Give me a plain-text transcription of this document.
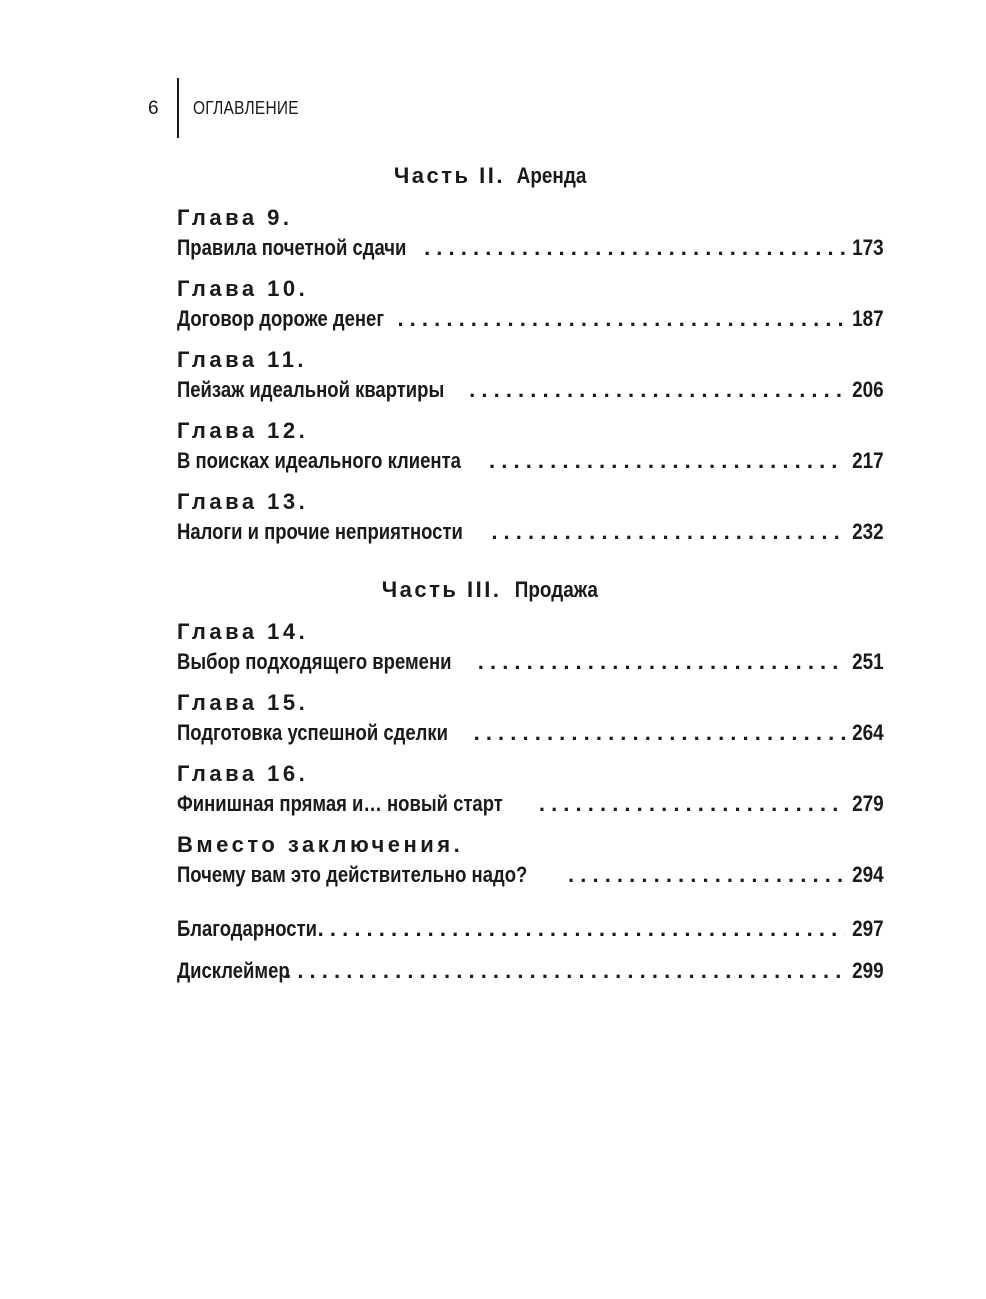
6 ОГЛАВЛЕНИЕ
Часть II. Аренда
Глава 9.
Правила почетной сдачи . . .	173
Глава 10.
Договор дороже денег . . .	187
Глава 11.
Пейзаж идеальной квартиры . . .	206
Глава 12.
В поисках идеального клиента . . .	217
Глава 13.
Налоги и прочие неприятности . . .	232
Часть III. Продажа
Глава 14.
Выбор подходящего времени . . .	251
Глава 15.
Подготовка успешной сделки . . .	264
Глава 16.
Финишная прямая и… новый старт . . .	279
Вместо заключения.
Почему вам это действительно надо? . . .	294
Благодарности . . .	297
Дисклеймер . . .	299
